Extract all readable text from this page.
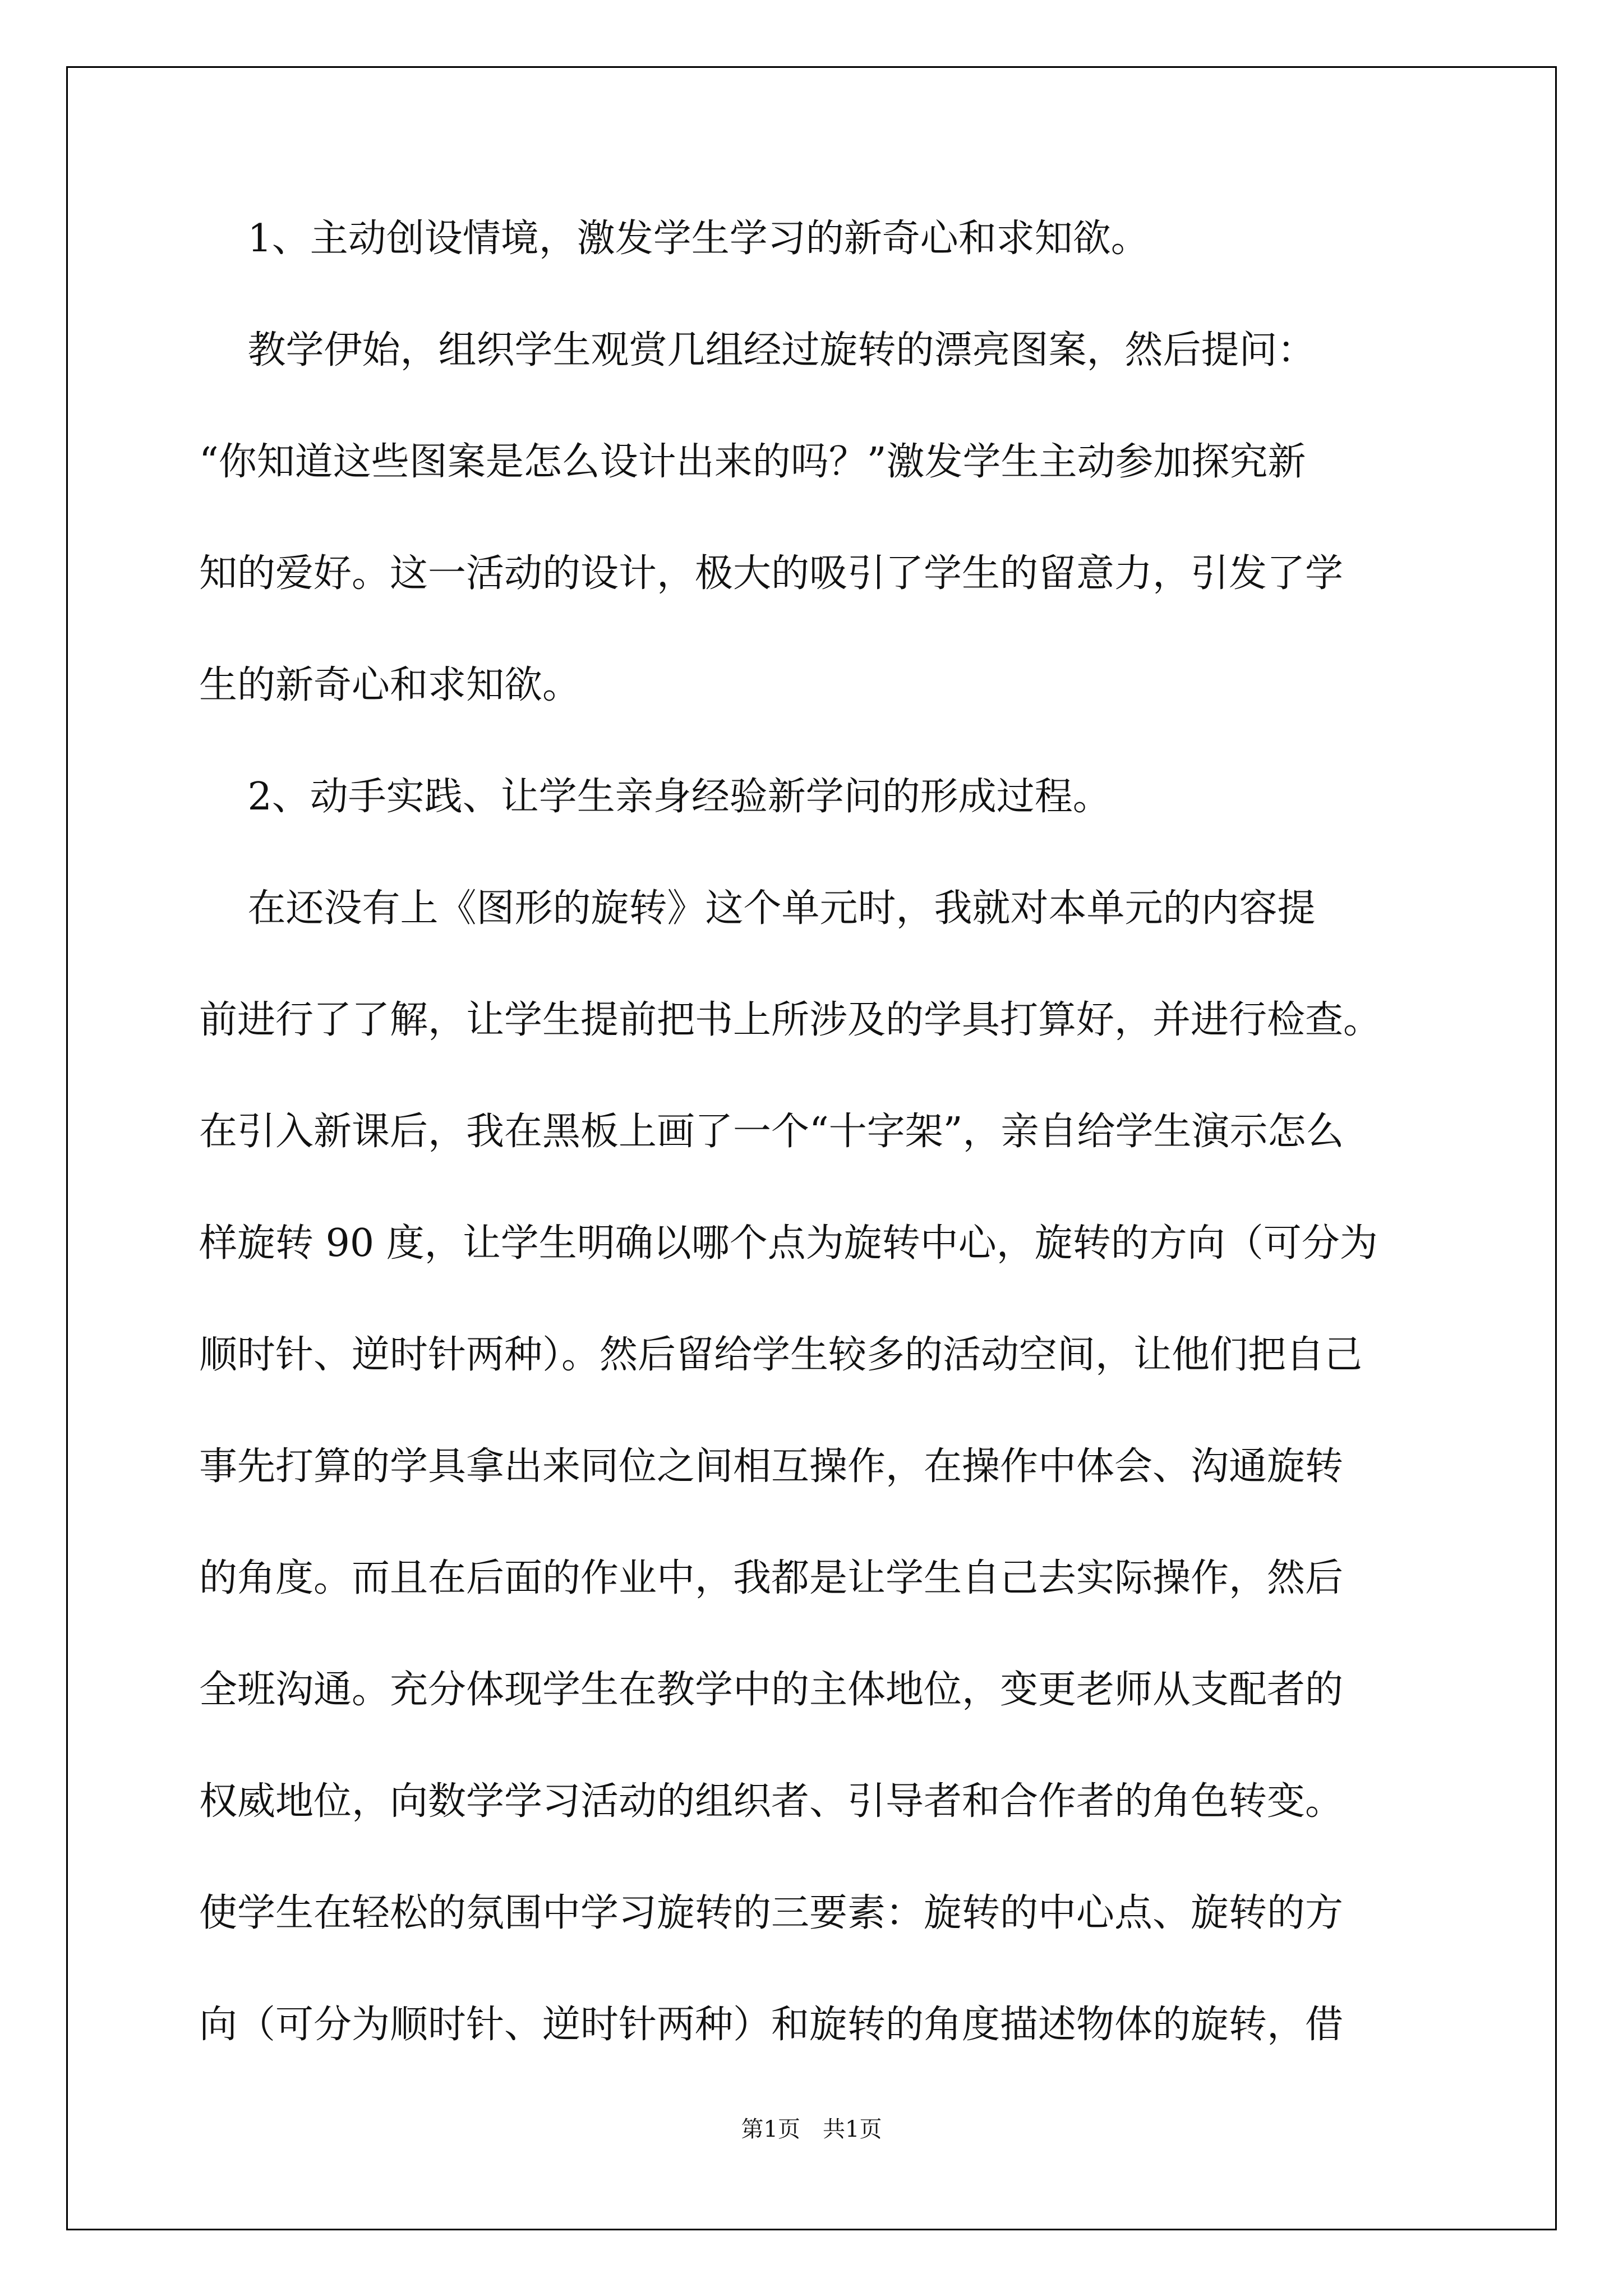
1、主动创设情境，激发学生学习的新奇心和求知欲。
教学伊始，组织学生观赏几组经过旋转的漂亮图案，然后提问：
“你知道这些图案是怎么设计出来的吗？”激发学生主动参加探究新
知的爱好。这一活动的设计，极大的吸引了学生的留意力，引发了学
生的新奇心和求知欲。
2、动手实践、让学生亲身经验新学问的形成过程。
在还没有上《图形的旋转》这个单元时，我就对本单元的内容提
前进行了了解，让学生提前把书上所涉及的学具打算好，并进行检查。
在引入新课后，我在黑板上画了一个“十字架”，亲自给学生演示怎么
样旋转 90 度，让学生明确以哪个点为旋转中心，旋转的方向（可分为
顺时针、逆时针两种）。然后留给学生较多的活动空间，让他们把自己
事先打算的学具拿出来同位之间相互操作，在操作中体会、沟通旋转
的角度。而且在后面的作业中，我都是让学生自己去实际操作，然后
全班沟通。充分体现学生在教学中的主体地位，变更老师从支配者的
权威地位，向数学学习活动的组织者、引导者和合作者的角色转变。
使学生在轻松的氛围中学习旋转的三要素：旋转的中心点、旋转的方
向（可分为顺时针、逆时针两种）和旋转的角度描述物体的旋转，借
第1页　共1页
